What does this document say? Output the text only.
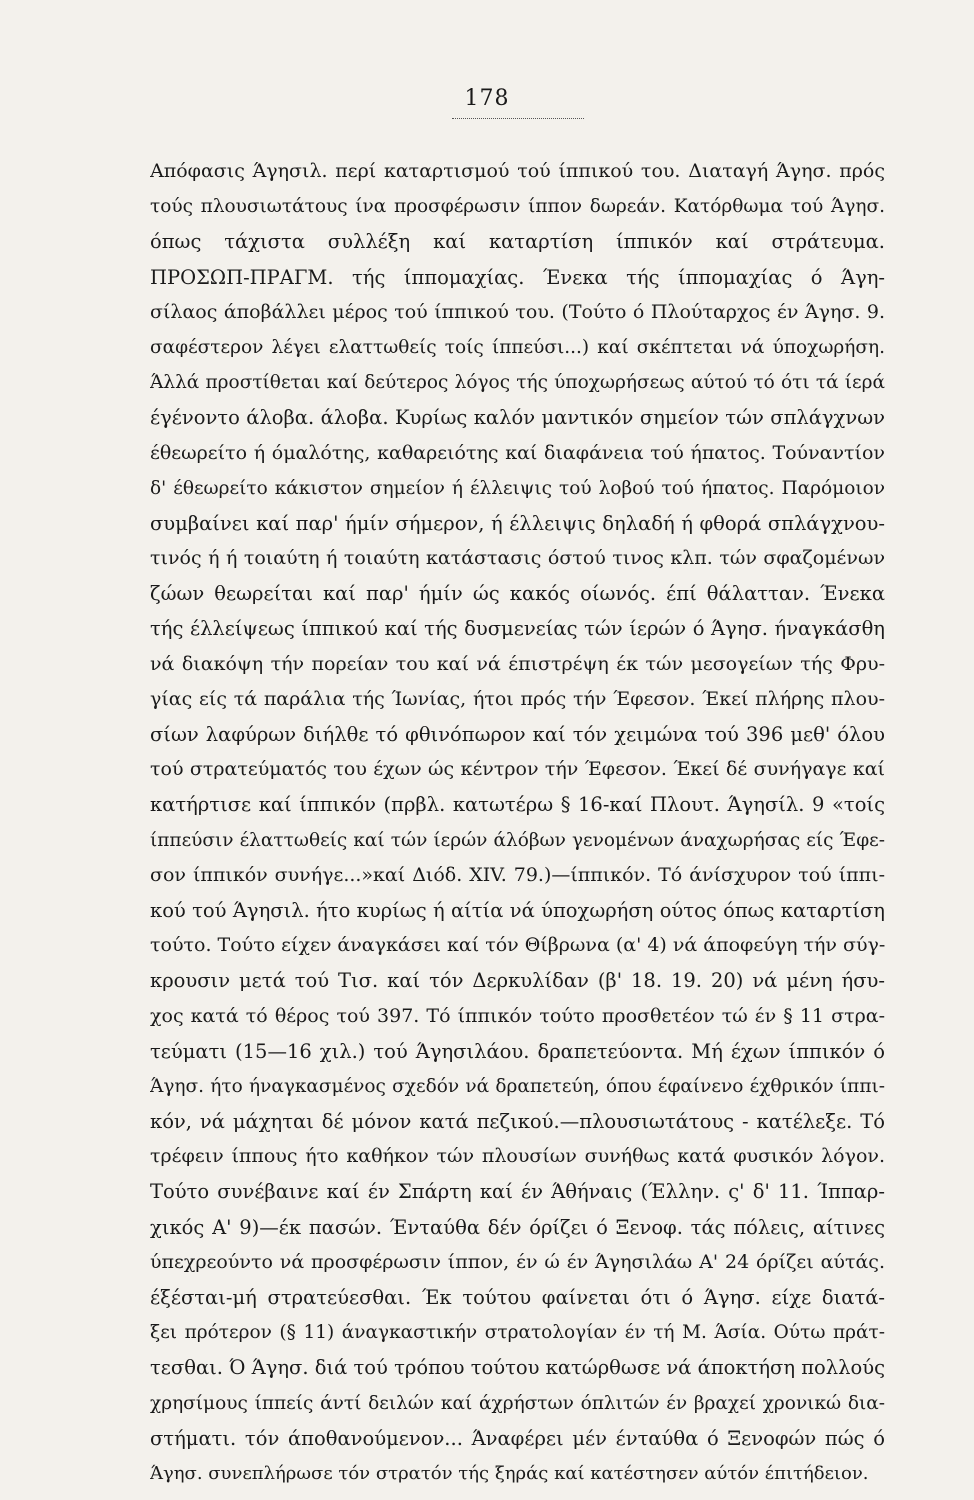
178
Απόφασις Άγησιλ. περί καταρτισμού τού ίππικού του. Διαταγή Άγησ. πρός
τούς πλουσιωτάτους ίνα προσφέρωσιν ίππον δωρεάν. Κατόρθωμα τού Άγησ.
όπως τάχιστα συλλέξη καί καταρτίση ίππικόν καί στράτευμα.
ΠΡΟΣΩΠ-ΠΡΑΓΜ. τής ίππομαχίας. Ένεκα τής ίππομαχίας ό Άγη-
σίλαος άποβάλλει μέρος τού ίππικού του. (Τούτο ό Πλούταρχος έν Άγησ. 9.
σαφέστερον λέγει ελαττωθείς τοίς ίππεύσι...) καί σκέπτεται νά ύποχωρήση.
Άλλά προστίθεται καί δεύτερος λόγος τής ύποχωρήσεως αύτού τό ότι τά ίερά
έγένοντο άλοβα. άλοβα. Κυρίως καλόν μαντικόν σημείον τών σπλάγχνων
έθεωρείτο ή όμαλότης, καθαρειότης καί διαφάνεια τού ήπατος. Τούναντίον
δ' έθεωρείτο κάκιστον σημείον ή έλλειψις τού λοβού τού ήπατος. Παρόμοιον
συμβαίνει καί παρ' ήμίν σήμερον, ή έλλειψις δηλαδή ή φθορά σπλάγχνου-
τινός ή ή τοιαύτη ή τοιαύτη κατάστασις όστού τινος κλπ. τών σφαζομένων
ζώων θεωρείται καί παρ' ήμίν ώς κακός οίωνός. έπί θάλατταν. Ένεκα
τής έλλείψεως ίππικού καί τής δυσμενείας τών ίερών ό Άγησ. ήναγκάσθη
νά διακόψη τήν πορείαν του καί νά έπιστρέψη έκ τών μεσογείων τής Φρυ-
γίας είς τά παράλια τής Ίωνίας, ήτοι πρός τήν Έφεσον. Έκεί πλήρης πλου-
σίων λαφύρων διήλθε τό φθινόπωρον καί τόν χειμώνα τού 396 μεθ' όλου
τού στρατεύματός του έχων ώς κέντρον τήν Έφεσον. Έκεί δέ συνήγαγε καί
κατήρτισε καί ίππικόν (πρβλ. κατωτέρω § 16-καί Πλουτ. Άγησίλ. 9 «τοίς
ίππεύσιν έλαττωθείς καί τών ίερών άλόβων γενομένων άναχωρήσας είς Έφε-
σον ίππικόν συνήγε...»καί Διόδ. XIV. 79.)—ίππικόν. Τό άνίσχυρον τού ίππι-
κού τού Άγησιλ. ήτο κυρίως ή αίτία νά ύποχωρήση ούτος όπως καταρτίση
τούτο. Τούτο είχεν άναγκάσει καί τόν Θίβρωνα (α' 4) νά άποφεύγη τήν σύγ-
κρουσιν μετά τού Τισ. καί τόν Δερκυλίδαν (β' 18. 19. 20) νά μένη ήσυ-
χος κατά τό θέρος τού 397. Τό ίππικόν τούτο προσθετέον τώ έν § 11 στρα-
τεύματι (15—16 χιλ.) τού Άγησιλάου. δραπετεύοντα. Μή έχων ίππικόν ό
Άγησ. ήτο ήναγκασμένος σχεδόν νά δραπετεύη, όπου έφαίνενο έχθρικόν ίππι-
κόν, νά μάχηται δέ μόνον κατά πεζικού.—πλουσιωτάτους - κατέλεξε. Τό
τρέφειν ίππους ήτο καθήκον τών πλουσίων συνήθως κατά φυσικόν λόγον.
Τούτο συνέβαινε καί έν Σπάρτη καί έν Άθήναις (Έλλην. ς' δ' 11. Ίππαρ-
χικός Α' 9)—έκ πασών. Ένταύθα δέν όρίζει ό Ξενοφ. τάς πόλεις, αίτινες
ύπεχρεούντο νά προσφέρωσιν ίππον, έν ώ έν Άγησιλάω Α' 24 όρίζει αύτάς.
έξέσται-μή στρατεύεσθαι. Έκ τούτου φαίνεται ότι ό Άγησ. είχε διατά-
ξει πρότερον (§ 11) άναγκαστικήν στρατολογίαν έν τή Μ. Άσία. Ούτω πράτ-
τεσθαι. Ό Άγησ. διά τού τρόπου τούτου κατώρθωσε νά άποκτήση πολλούς
χρησίμους ίππείς άντί δειλών καί άχρήστων όπλιτών έν βραχεί χρονικώ δια-
στήματι. τόν άποθανούμενον... Άναφέρει μέν ένταύθα ό Ξενοφών πώς ό
Άγησ. συνεπλήρωσε τόν στρατόν τής ξηράς καί κατέστησεν αύτόν έπιτήδειον.
